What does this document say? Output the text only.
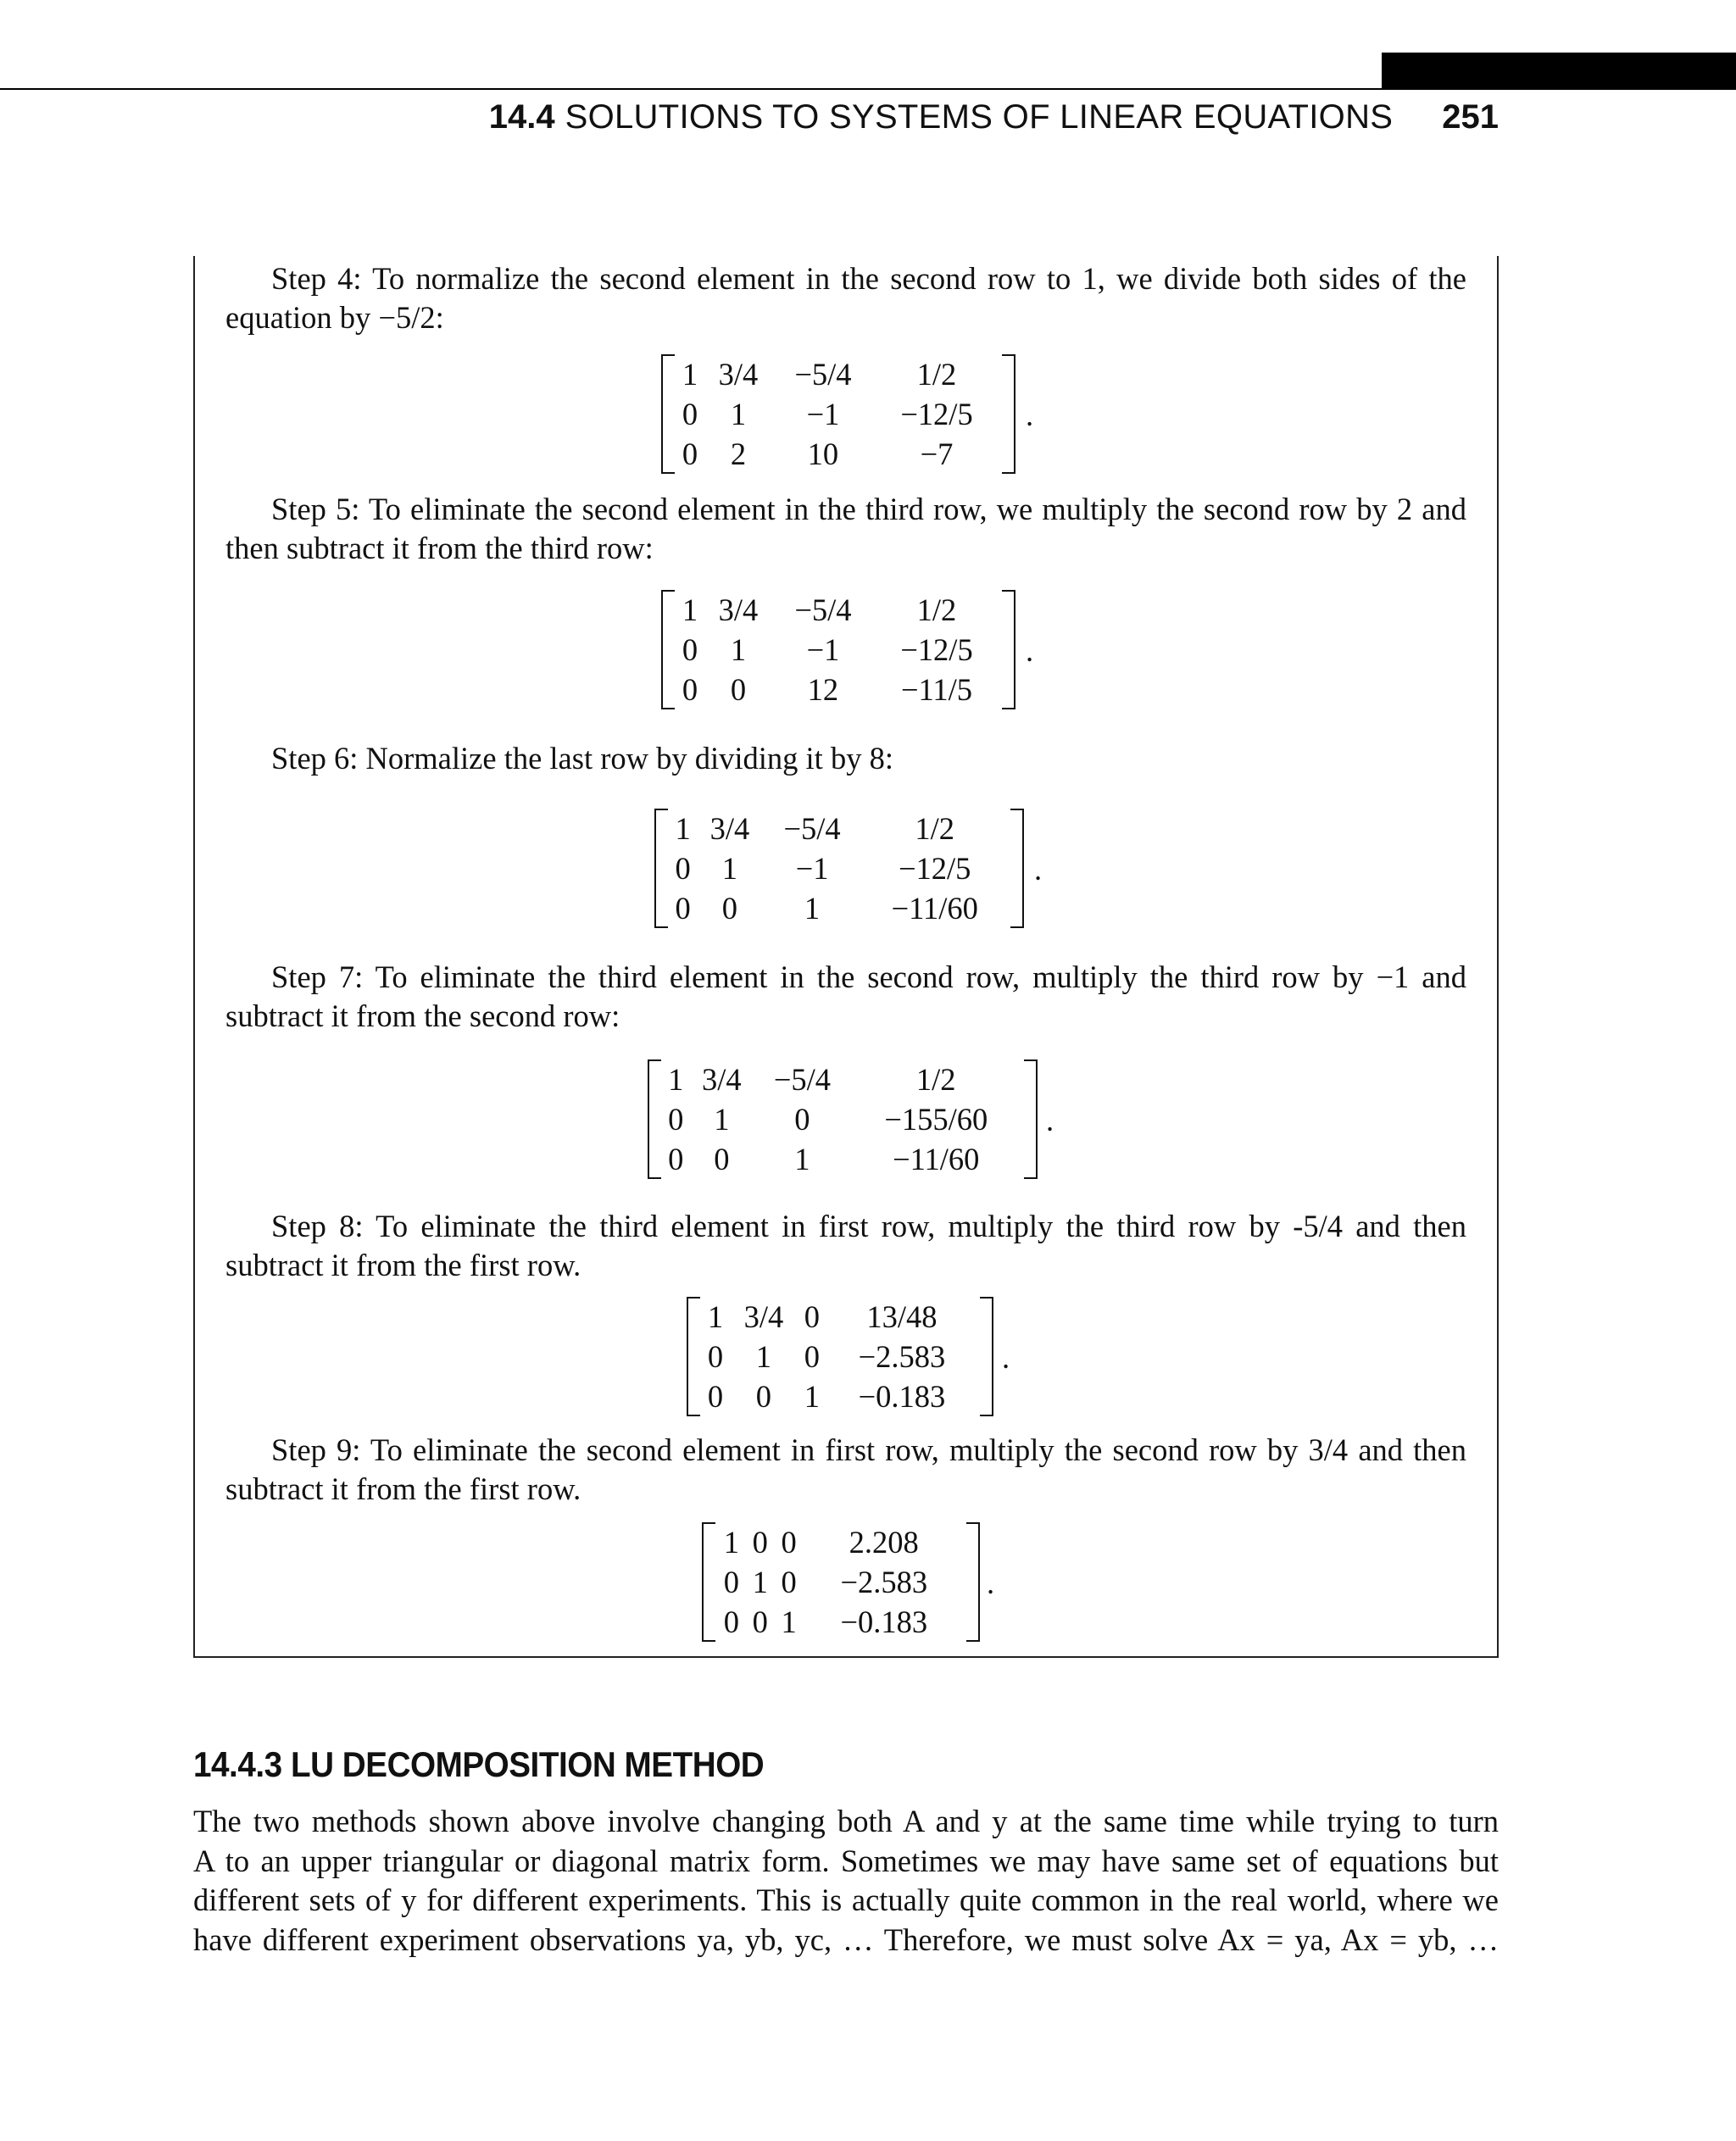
14.4 SOLUTIONS TO SYSTEMS OF LINEAR EQUATIONS 251
Step 4: To normalize the second element in the second row to 1, we divide both sides of the equation by −5/2:
1	3/4	−5/4	1/2
0	1	−1	−12/5
0	2	10	−7
.
Step 5: To eliminate the second element in the third row, we multiply the second row by 2 and then subtract it from the third row:
1	3/4	−5/4	1/2
0	1	−1	−12/5
0	0	12	−11/5
.
Step 6: Normalize the last row by dividing it by 8:
1	3/4	−5/4	1/2
0	1	−1	−12/5
0	0	1	−11/60
.
Step 7: To eliminate the third element in the second row, multiply the third row by −1 and subtract it from the second row:
1	3/4	−5/4	1/2
0	1	0	−155/60
0	0	1	−11/60
.
Step 8: To eliminate the third element in first row, multiply the third row by -5/4 and then subtract it from the first row.
1	3/4	0	13/48
0	1	0	−2.583
0	0	1	−0.183
.
Step 9: To eliminate the second element in first row, multiply the second row by 3/4 and then subtract it from the first row.
1	0	0	2.208
0	1	0	−2.583
0	0	1	−0.183
.
14.4.3 LU DECOMPOSITION METHOD
The two methods shown above involve changing both A and y at the same time while trying to turn
A to an upper triangular or diagonal matrix form. Sometimes we may have same set of equations but
different sets of y for different experiments. This is actually quite common in the real world, where we
have different experiment observations ya, yb, yc, … Therefore, we must solve Ax = ya, Ax = yb, …
